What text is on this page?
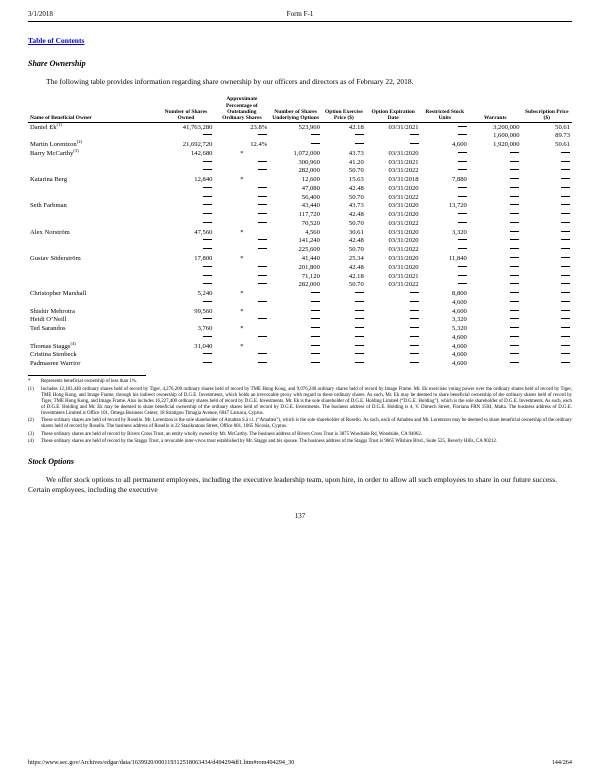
3/1/2018	Form F-1
Table of Contents
Share Ownership
The following table provides information regarding share ownership by our officers and directors as of February 22, 2018.
Name of Beneficial Owner	Number of Shares Owned	Approximate Percentage of Outstanding Ordinary Shares	Number of Shares Underlying Options	Option Exercise Price ($)	Option Expiration Date	Restricted Stock Units	Warrants	Subscription Price ($)
Daniel Ek$^{(1)}$	41,763,280	23.8%	523,960	42.18	03/31/2021		3,200,000	50.61
							1,600,000	89.73
Martin Lorentzon$^{(2)}$	21,692,720	12.4%				4,600	1,920,000	50.61
Barry McCarthy$^{(3)}$	142,680	*	1,072,000	43.73	03/31/2020			
			300,960	41.20	03/31/2021			
			282,000	50.70	03/31/2022			
Katarina Berg	12,840	*	12,600	15.63	03/31/2018	7,880		
			47,080	42.48	03/31/2020			
			56,400	50.70	03/31/2022			
Seth Farbman			43,440	43.73	03/31/2020	13,720		
			117,720	42.48	03/31/2020			
			70,520	50.70	03/31/2022			
Alex Norström	47,560	*	4,560	30.61	03/31/2020	3,320		
			141,240	42.48	03/31/2020			
			225,600	50.70	03/31/2022			
Gustav Söderström	17,800	*	41,440	25.34	03/31/2020	11,840		
			201,800	42.48	03/31/2020			
			71,120	42.18	03/31/2021			
			282,000	50.70	03/31/2022			
Christopher Marshall	5,240	*				8,800		
						4,600		
Shishir Mehrotra	99,560	*				4,600		
Heidi O’Neill						3,320		
Ted Sarandos	3,760	*				5,320		
						4,600		
Thomas Staggs$^{(4)}$	31,040	*				4,600		
Cristina Stenbeck						4,600		
Padmasree Warrior						4,600		
*	Represents beneficial ownership of less than 1%.
(1)	Includes 12,183,440 ordinary shares held of record by Tiger, 4,276,200 ordinary shares held of record by TME Hong Kong, and 9,076,240 ordinary shares held of record by Image Frame. Mr. Ek exercises voting power over the ordinary shares held of record by Tiger, TME Hong Kong, and Image Frame, through his indirect ownership of D.G.E. Investments, which holds an irrevocable proxy with regard to these ordinary shares. As such, Mr. Ek may be deemed to share beneficial ownership of the ordinary shares held of record by Tiger, TME Hong Kong, and Image Frame. Also includes 16,227,400 ordinary shares held of record by D.G.E. Investments. Mr. Ek is the sole shareholder of D.G.E. Holding Limited (“D.G.E. Holding”), which is the sole shareholder of D.G.E. Investments. As such, each of D.G.E. Holding and Mr. Ek may be deemed to share beneficial ownership of the ordinary shares held of record by D.G.E. Investments. The business address of D.G.E. Holding is 4, V. Dimech Street, Floriana FRN 1504, Malta. The business address of D.G.E. Investments Limited is Office 101, Omega Business Center, 18 Stratigou Timagia Avenue, 6047 Larnaca, Cyprus.
(2)	These ordinary shares are held of record by Rosello. Mr. Lorentzon is the sole shareholder of Amaltea S.à r.l. (“Amaltea”), which is the sole shareholder of Rosello. As such, each of Amaltea and Mr. Lorentzon may be deemed to share beneficial ownership of the ordinary shares held of record by Rosello. The business address of Rosello is 22 Stasikratous Street, Office 001, 1065 Nicosia, Cyprus.
(3)	These ordinary shares are held of record by Rivers Cross Trust, an entity wholly owned by Mr. McCarthy. The business address of Rivers Cross Trust is 3875 Woodside Rd, Woodside, CA 94062.
(4)	These ordinary shares are held of record by the Staggs Trust, a revocable inter-vivos trust established by Mr. Staggs and his spouse. The business address of the Staggs Trust is 9665 Wilshire Blvd., Suite 525, Beverly Hills, CA 90212.
Stock Options
We offer stock options to all permanent employees, including the executive leadership team, upon hire, in order to allow all such employees to share in our future success. Certain employees, including the executive
137
https://www.sec.gov/Archives/edgar/data/1639920/000119312518063434/d494294df1.htm#rom494294_30	144/264
